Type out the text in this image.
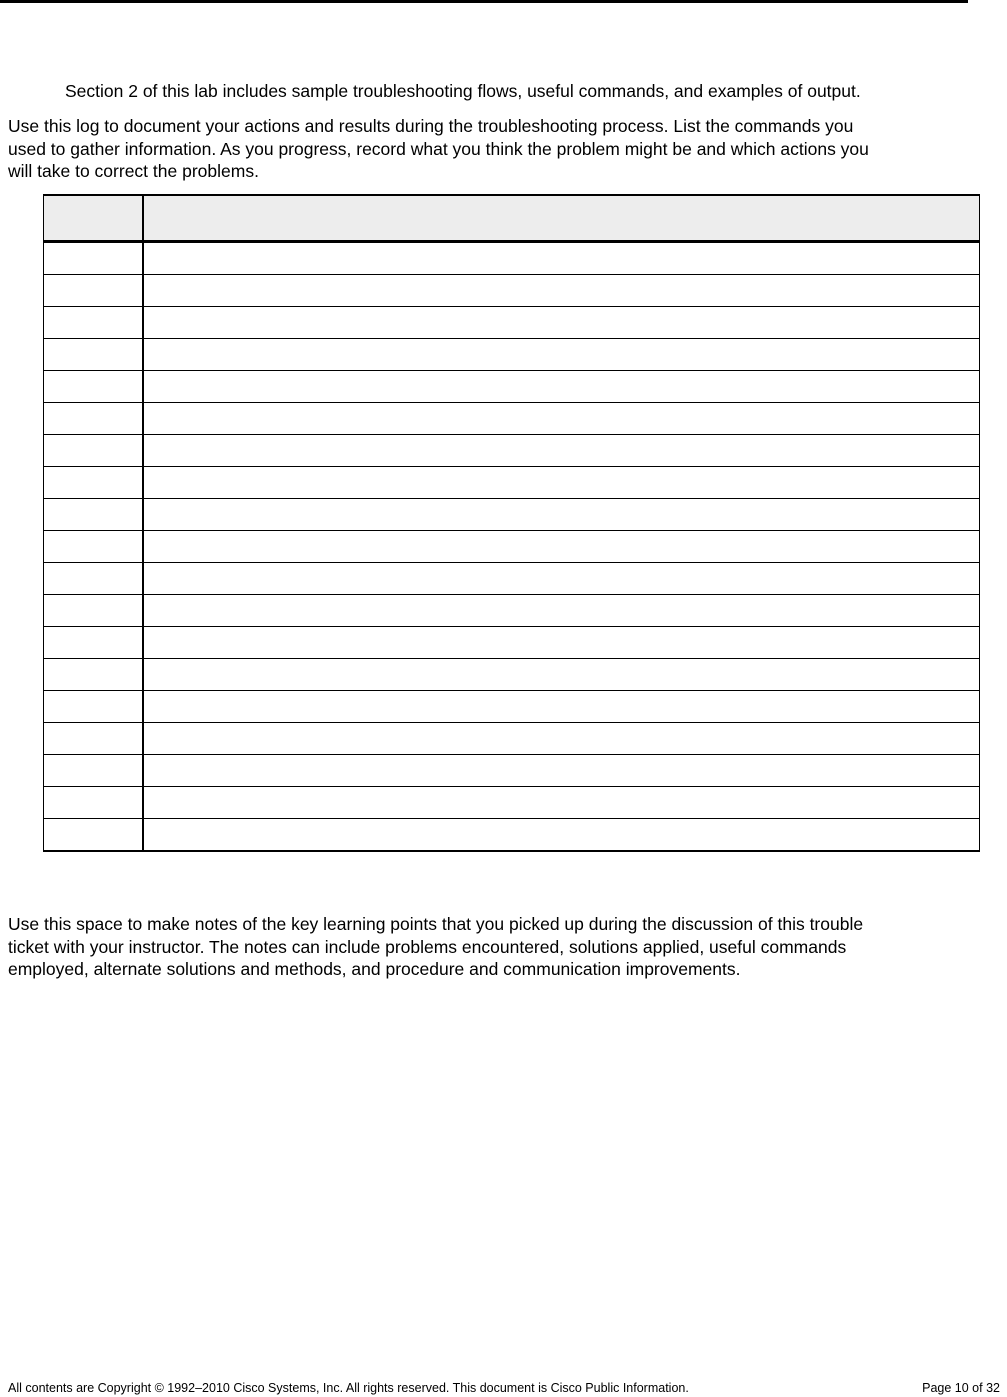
Section 2 of this lab includes sample troubleshooting flows, useful commands, and examples of output.
Use this log to document your actions and results during the troubleshooting process. List the commands you
used to gather information. As you progress, record what you think the problem might be and which actions you
will take to correct the problems.

Use this space to make notes of the key learning points that you picked up during the discussion of this trouble
ticket with your instructor. The notes can include problems encountered, solutions applied, useful commands
employed, alternate solutions and methods, and procedure and communication improvements.
All contents are Copyright © 1992–2010 Cisco Systems, Inc. All rights reserved. This document is Cisco Public Information.	Page 10 of 32
